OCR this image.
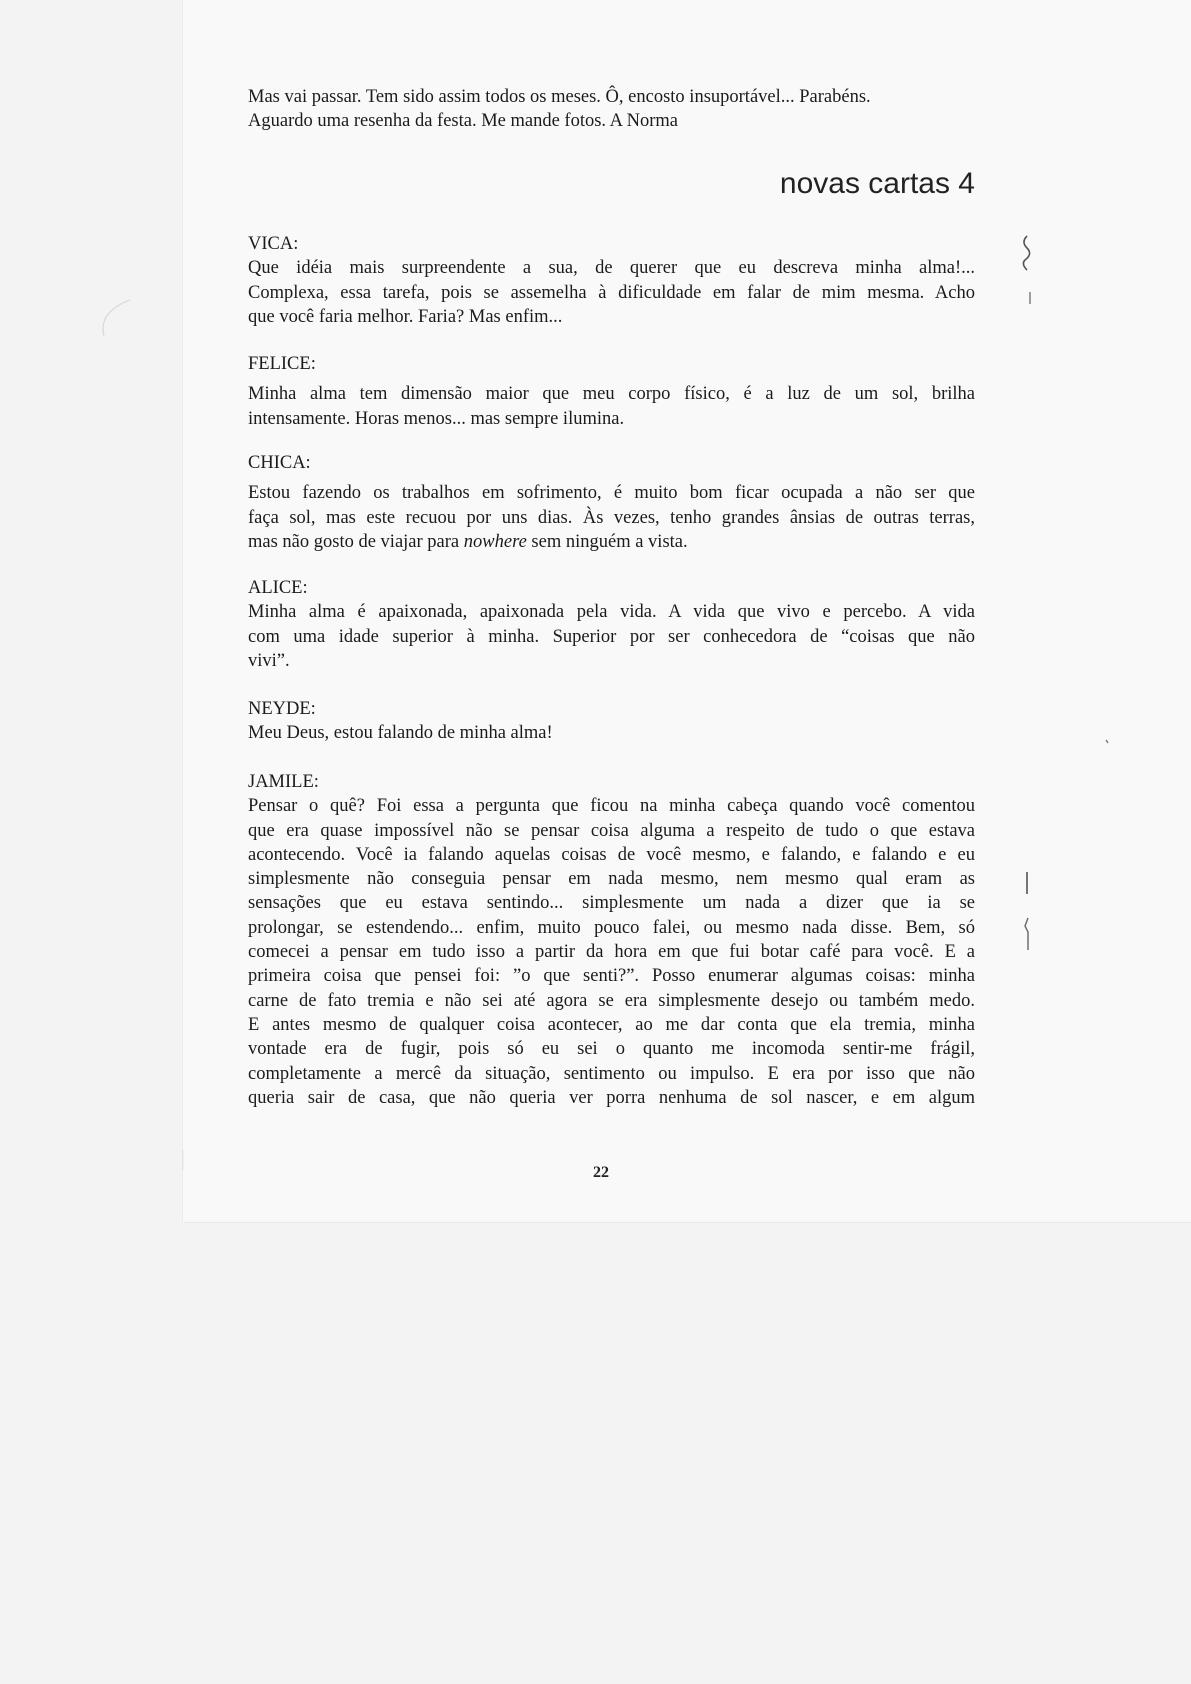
Mas vai passar. Tem sido assim todos os meses. Ô, encosto insuportável... Parabéns.
Aguardo uma resenha da festa. Me mande fotos. A Norma
novas cartas 4
VICA:
Que idéia mais surpreendente a sua, de querer que eu descreva minha alma!...
Complexa, essa tarefa, pois se assemelha à dificuldade em falar de mim mesma. Acho
que você faria melhor. Faria? Mas enfim...
FELICE:
Minha alma tem dimensão maior que meu corpo físico, é a luz de um sol, brilha
intensamente. Horas menos... mas sempre ilumina.
CHICA:
Estou fazendo os trabalhos em sofrimento, é muito bom ficar ocupada a não ser que
faça sol, mas este recuou por uns dias. Às vezes, tenho grandes ânsias de outras terras,
mas não gosto de viajar para nowhere sem ninguém a vista.
ALICE:
Minha alma é apaixonada, apaixonada pela vida. A vida que vivo e percebo. A vida
com uma idade superior à minha. Superior por ser conhecedora de “coisas que não
vivi”.
NEYDE:
Meu Deus, estou falando de minha alma!
JAMILE:
Pensar o quê? Foi essa a pergunta que ficou na minha cabeça quando você comentou
que era quase impossível não se pensar coisa alguma a respeito de tudo o que estava
acontecendo. Você ia falando aquelas coisas de você mesmo, e falando, e falando e eu
simplesmente não conseguia pensar em nada mesmo, nem mesmo qual eram as
sensações que eu estava sentindo... simplesmente um nada a dizer que ia se
prolongar, se estendendo... enfim, muito pouco falei, ou mesmo nada disse. Bem, só
comecei a pensar em tudo isso a partir da hora em que fui botar café para você. E a
primeira coisa que pensei foi: ”o que senti?”. Posso enumerar algumas coisas: minha
carne de fato tremia e não sei até agora se era simplesmente desejo ou também medo.
E antes mesmo de qualquer coisa acontecer, ao me dar conta que ela tremia, minha
vontade era de fugir, pois só eu sei o quanto me incomoda sentir-me frágil,
completamente a mercê da situação, sentimento ou impulso. E era por isso que não
queria sair de casa, que não queria ver porra nenhuma de sol nascer, e em algum
22
